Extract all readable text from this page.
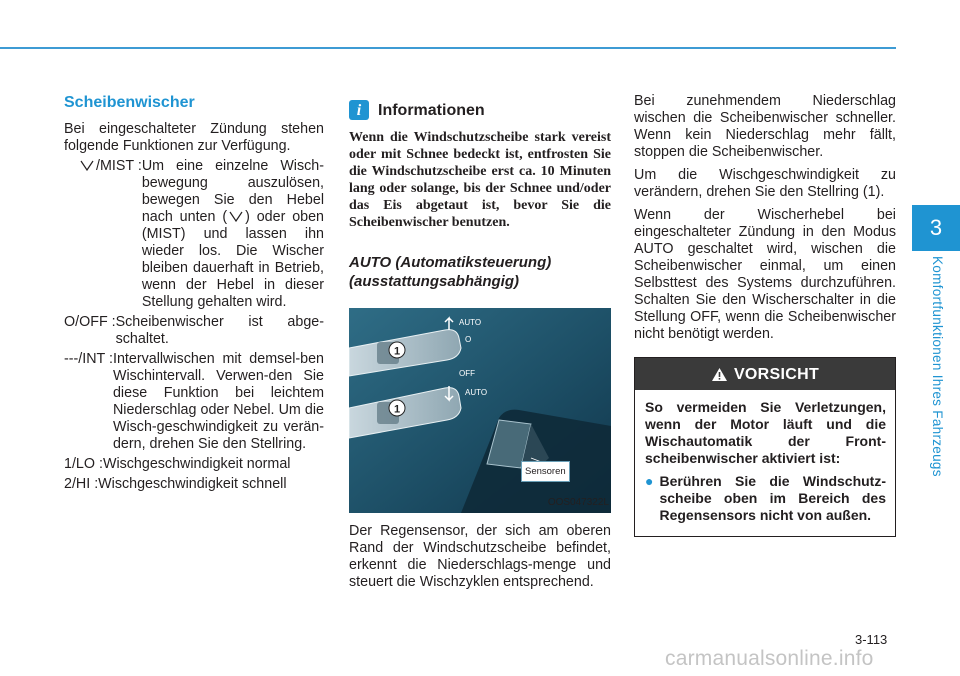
3
Komfortfunktionen Ihres Fahrzeugs
Scheibenwischer

Bei eingeschalteter Zündung stehen folgende Funktionen zur Verfügung.

/MIST : Um eine einzelne Wisch-bewegung auszulösen, bewegen Sie den Hebel nach unten ( ) oder oben (MIST) und lassen ihn wieder los. Die Wischer bleiben dauerhaft in Betrieb, wenn der Hebel in dieser Stellung gehalten wird.
O/OFF : Scheibenwischer ist abge-schaltet.
---/INT : Intervallwischen mit demsel-ben Wischintervall. Verwen-den Sie diese Funktion bei leichtem Niederschlag oder Nebel. Um die Wisch-geschwindigkeit zu verän-dern, drehen Sie den Stellring.
1/LO : Wischgeschwindigkeit normal
2/HI : Wischgeschwindigkeit schnell
i	Informationen

Wenn die Windschutzscheibe stark vereist oder mit Schnee bedeckt ist, entfrosten Sie die Windschutzscheibe erst ca. 10 Minuten lang oder solange, bis der Schnee und/oder das Eis abgetaut ist, bevor Sie die Scheibenwischer benutzen.

AUTO (Automatiksteuerung) (ausstattungsabhängig)
1
AUTO
O
1
OFF
AUTO
Sensoren
OOS047322L

Der Regensensor, der sich am oberen Rand der Windschutzscheibe befindet, erkennt die Niederschlags-menge und steuert die Wischzyklen entsprechend.

Bei zunehmendem Niederschlag wischen die Scheibenwischer schneller. Wenn kein Niederschlag mehr fällt, stoppen die Scheibenwischer.

Um die Wischgeschwindigkeit zu verändern, drehen Sie den Stellring (1).

Wenn der Wischerhebel bei eingeschalteter Zündung in den Modus AUTO geschaltet wird, wischen die Scheibenwischer einmal, um einen Selbsttest des Systems durchzuführen. Schalten Sie den Wischerschalter in die Stellung OFF, wenn die Scheibenwischer nicht benötigt werden.

VORSICHT
So vermeiden Sie Verletzungen, wenn der Motor läuft und die Wischautomatik der Front-scheibenwischer aktiviert ist:
● Berühren Sie die Windschutz-scheibe oben im Bereich des Regensensors nicht von außen.
3-113
carmanualsonline.info
